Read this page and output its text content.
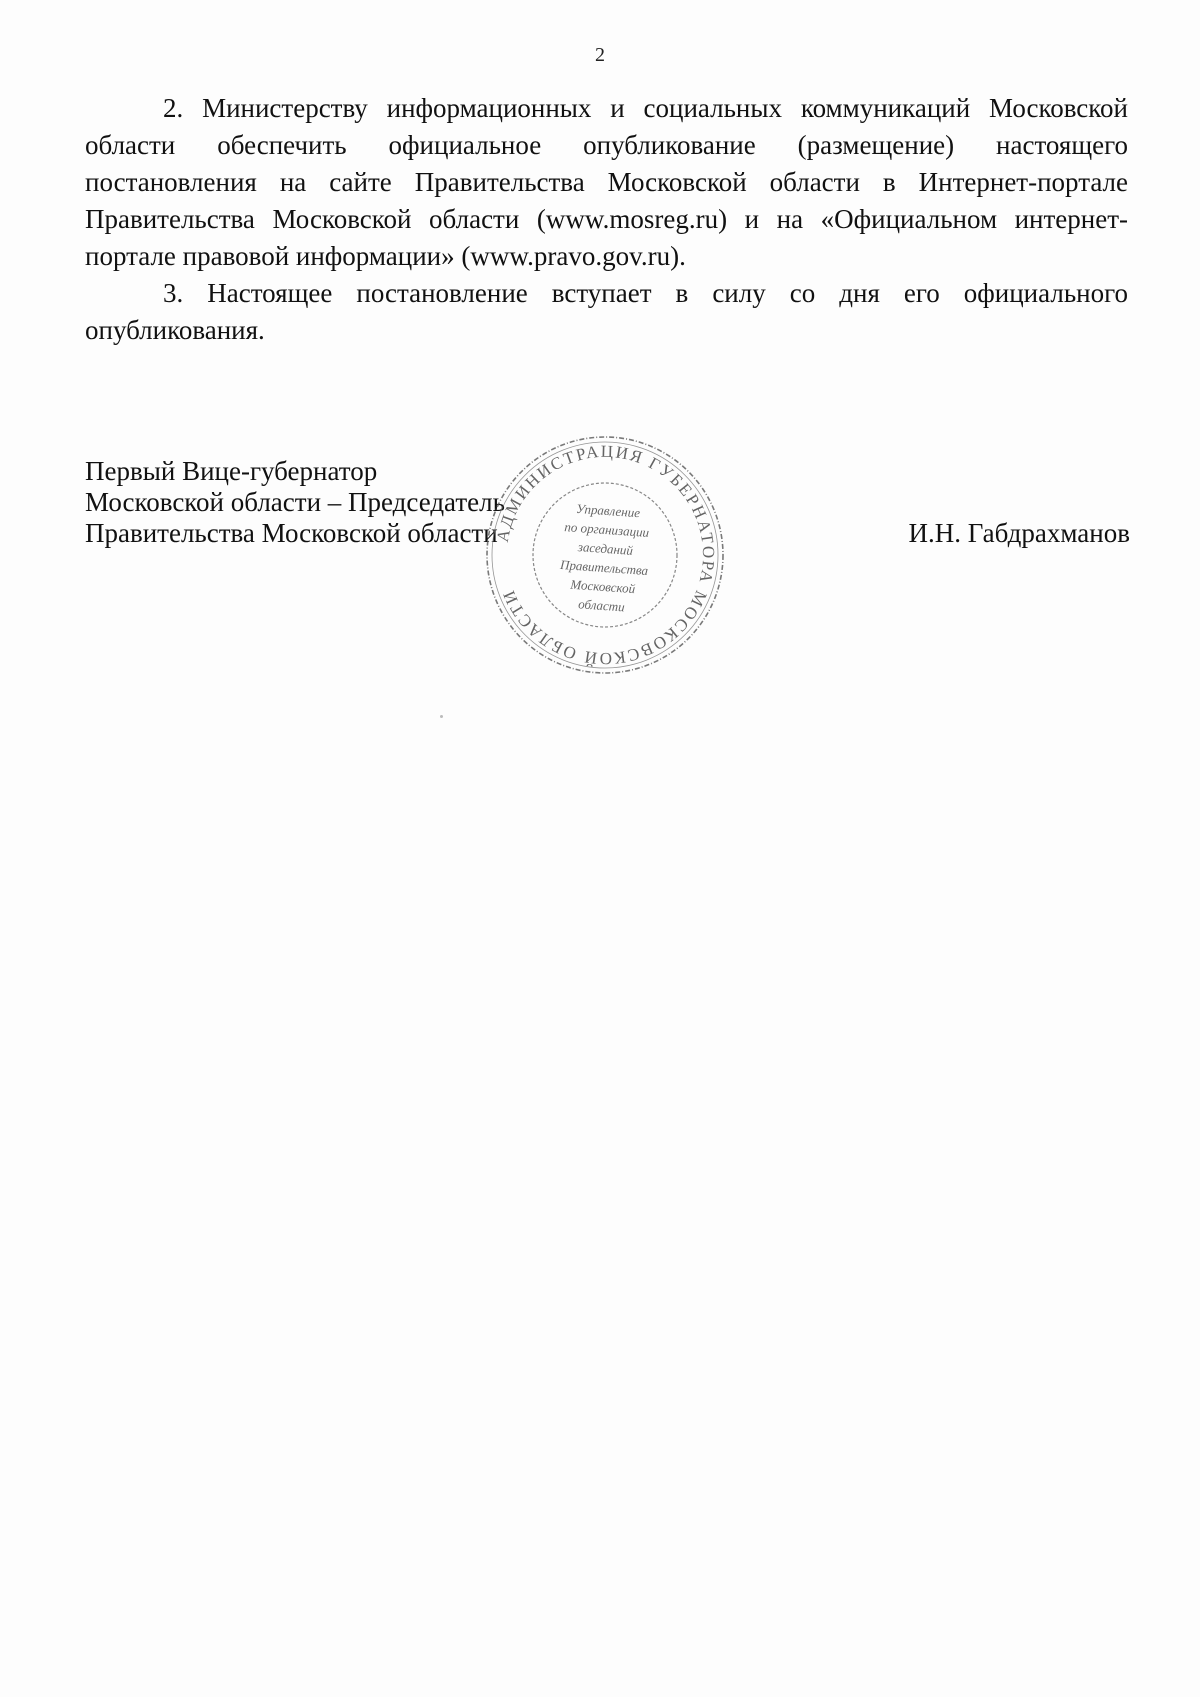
2

2. Министерству информационных и социальных коммуникаций Московской области обеспечить официальное опубликование (размещение) настоящего постановления на сайте Правительства Московской области в Интернет-портале Правительства Московской области (www.mosreg.ru) и на «Официальном интернет-портале правовой информации» (www.pravo.gov.ru).

3. Настоящее постановление вступает в силу со дня его официального опубликования.

Первый Вице-губернатор
Московской области – Председатель
Правительства Московской области
АДМИНИСТРАЦИЯ ГУБЕРНАТОРА МОСКОВСКОЙ ОБЛАСТИ
Управление
по организации
заседаний
Правительства
Московской
области
И.Н. Габдрахманов
